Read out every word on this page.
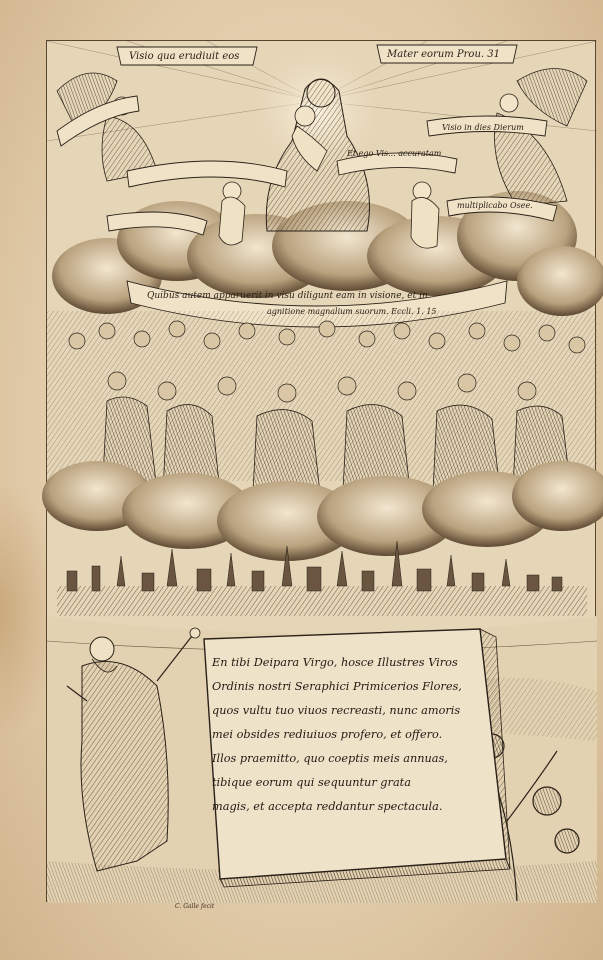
Visio qua erudiuit eos	Mater eorum Prou. 31
Visio in dies Dierum
Et ego Vis... accuratam
multiplicabo Osee.
Quibus autem apparuerit in visu diligunt eam in visione, et in
agnitione magnalium suorum. Eccli. 1. 15
En tibi Deipara Virgo, hosce Illustres Viros
Ordinis nostri Seraphici Primicerios Flores,
quos vultu tuo viuos recreasti, nunc amoris
mei obsides rediuiuos profero, et offero.
Illos praemitto, quo coeptis meis annuas,
tibique eorum qui sequuntur grata
magis, et accepta reddantur spectacula.
C. Galle fecit
